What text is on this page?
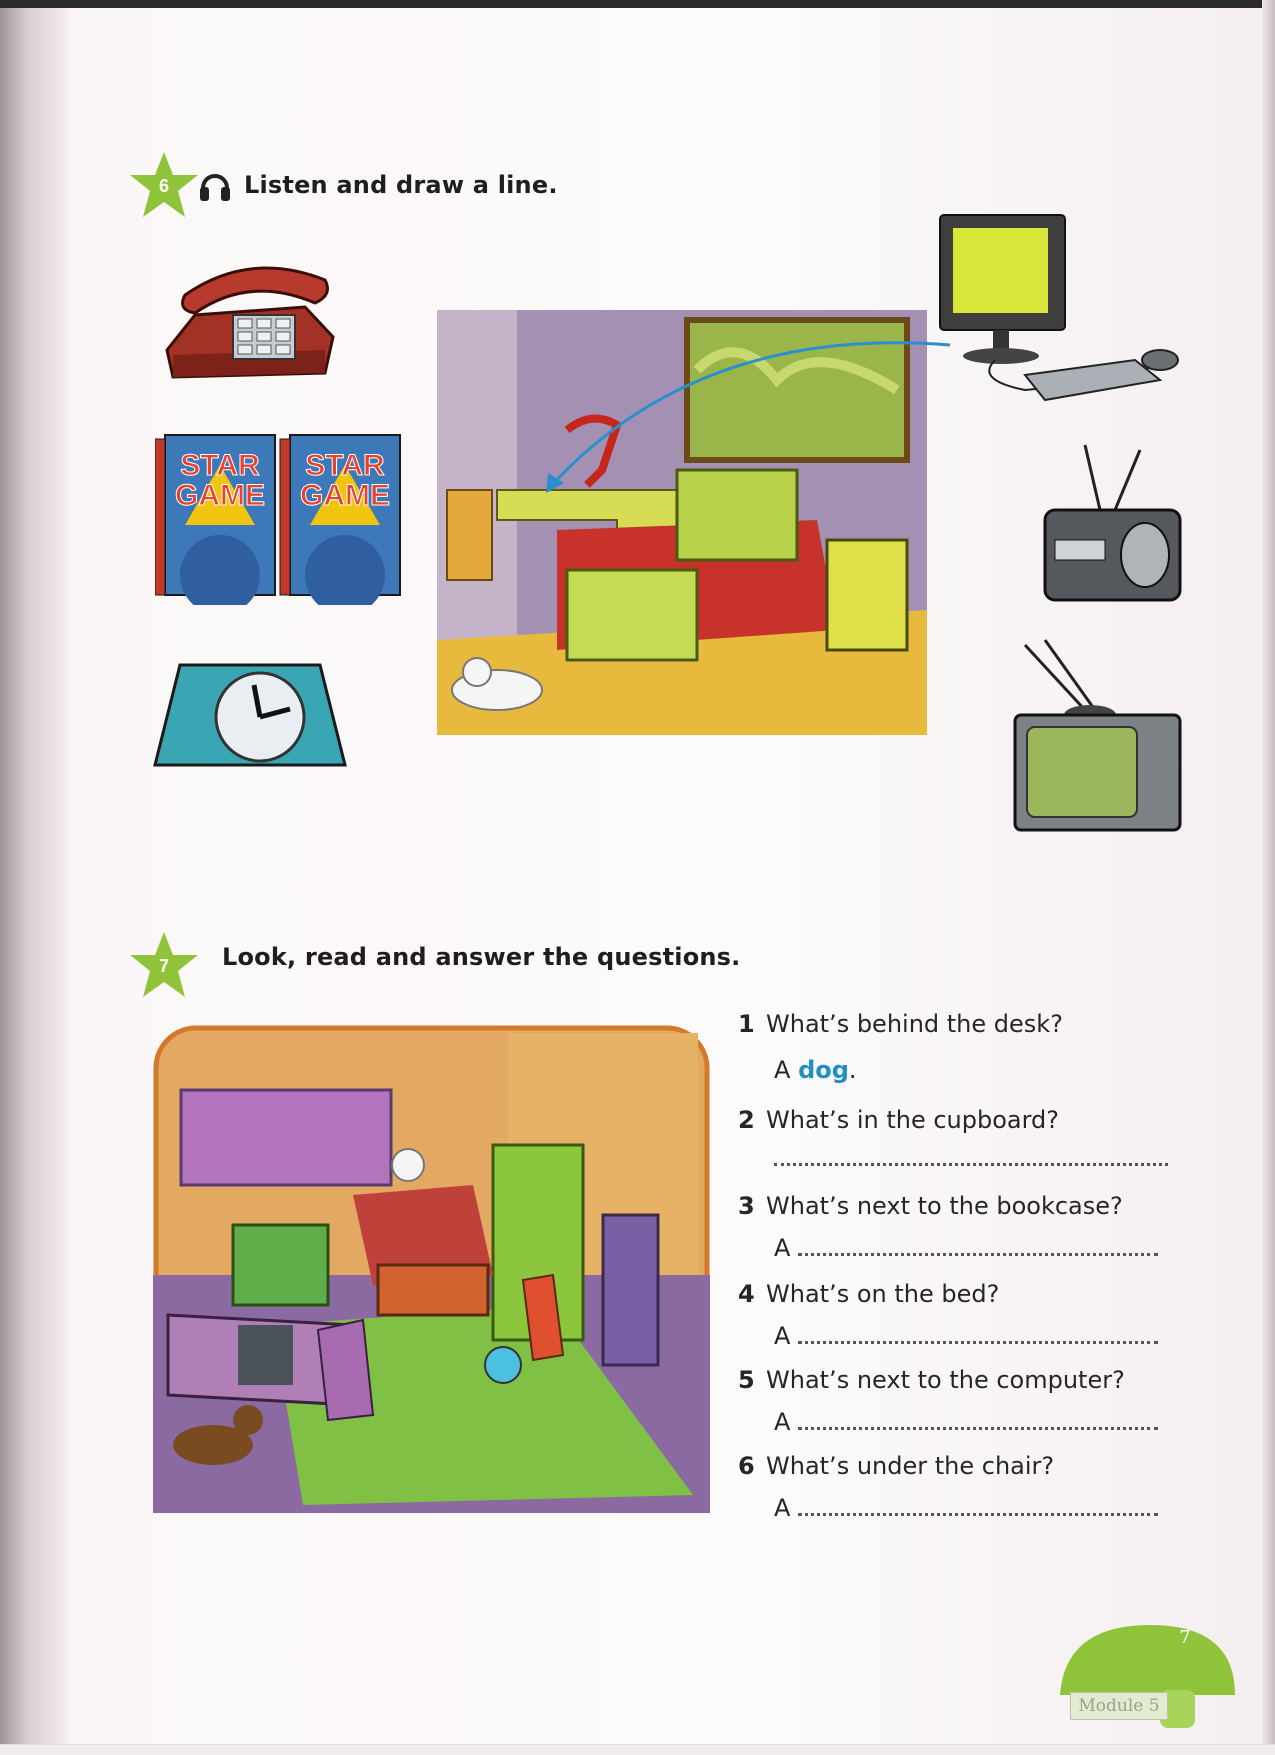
6	Listen and draw a line.
STAR
GAME
STAR
GAME
7	Look, read and answer the questions.
1 What’s behind the desk?
A dog.
2 What’s in the cupboard?
3 What’s next to the bookcase?
A
4 What’s on the bed?
A
5 What’s next to the computer?
A
6 What’s under the chair?
A
7
Module 5
